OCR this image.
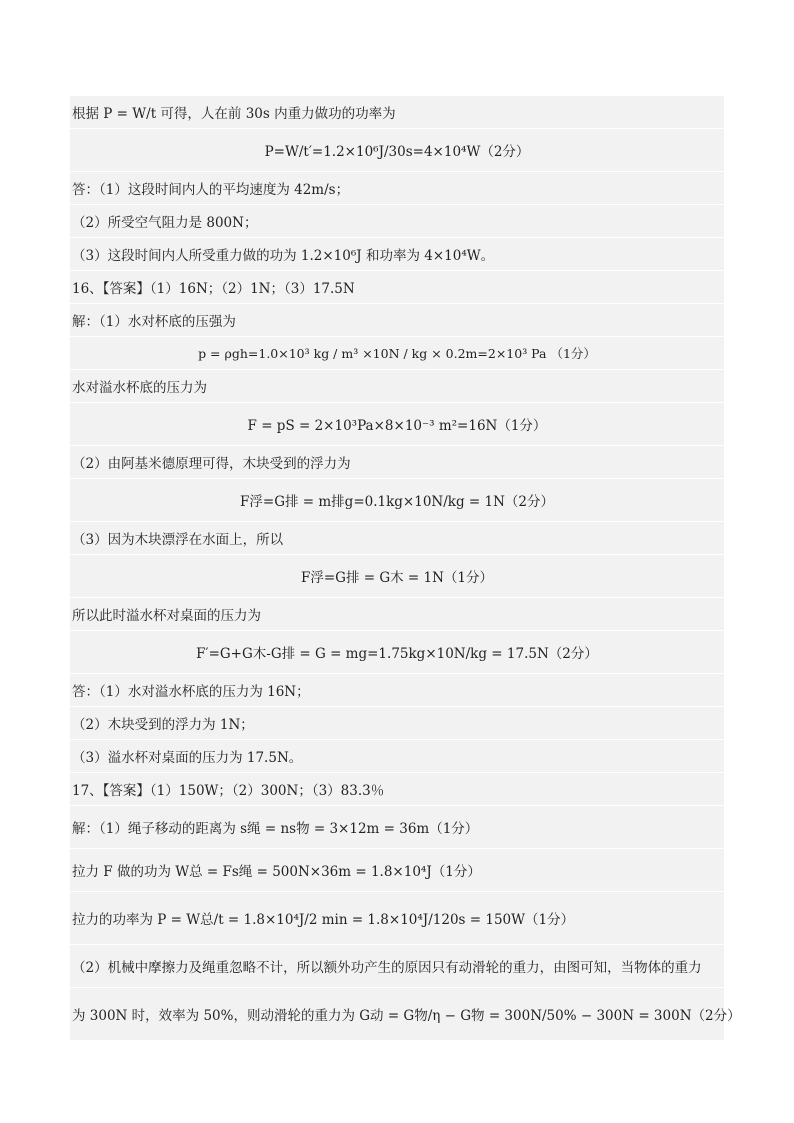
根据 P = W/t 可得，人在前 30s 内重力做功的功率为
P=W/t′=1.2×10⁶J/30s=4×10⁴W（2分）
答：（1）这段时间内人的平均速度为 42m/s；
（2）所受空气阻力是 800N；
（3）这段时间内人所受重力做的功为 1.2×10⁶J 和功率为 4×10⁴W。
16、【答案】（1）16N；（2）1N；（3）17.5N
解：（1）水对杯底的压强为
p = ρgh=1.0×10³ kg / m³ ×10N / kg × 0.2m=2×10³ Pa （1分）
水对溢水杯底的压力为
F = pS = 2×10³Pa×8×10⁻³ m²=16N（1分）
（2）由阿基米德原理可得，木块受到的浮力为
F浮=G排 = m排g=0.1kg×10N/kg = 1N（2分）
（3）因为木块漂浮在水面上，所以
F浮=G排 = G木 = 1N（1分）
所以此时溢水杯对桌面的压力为
F′=G+G木-G排 = G = mg=1.75kg×10N/kg = 17.5N（2分）
答：（1）水对溢水杯底的压力为 16N；
（2）木块受到的浮力为 1N；
（3）溢水杯对桌面的压力为 17.5N。
17、【答案】（1）150W；（2）300N；（3）83.3％
解：（1）绳子移动的距离为 s绳 = ns物 = 3×12m = 36m（1分）
拉力 F 做的功为 W总 = Fs绳 = 500N×36m = 1.8×10⁴J（1分）
拉力的功率为 P = W总/t = 1.8×10⁴J/2 min = 1.8×10⁴J/120s = 150W（1分）
（2）机械中摩擦力及绳重忽略不计，所以额外功产生的原因只有动滑轮的重力，由图可知，当物体的重力
为 300N 时，效率为 50%，则动滑轮的重力为 G动 = G物/η − G物 = 300N/50% − 300N = 300N（2分）
